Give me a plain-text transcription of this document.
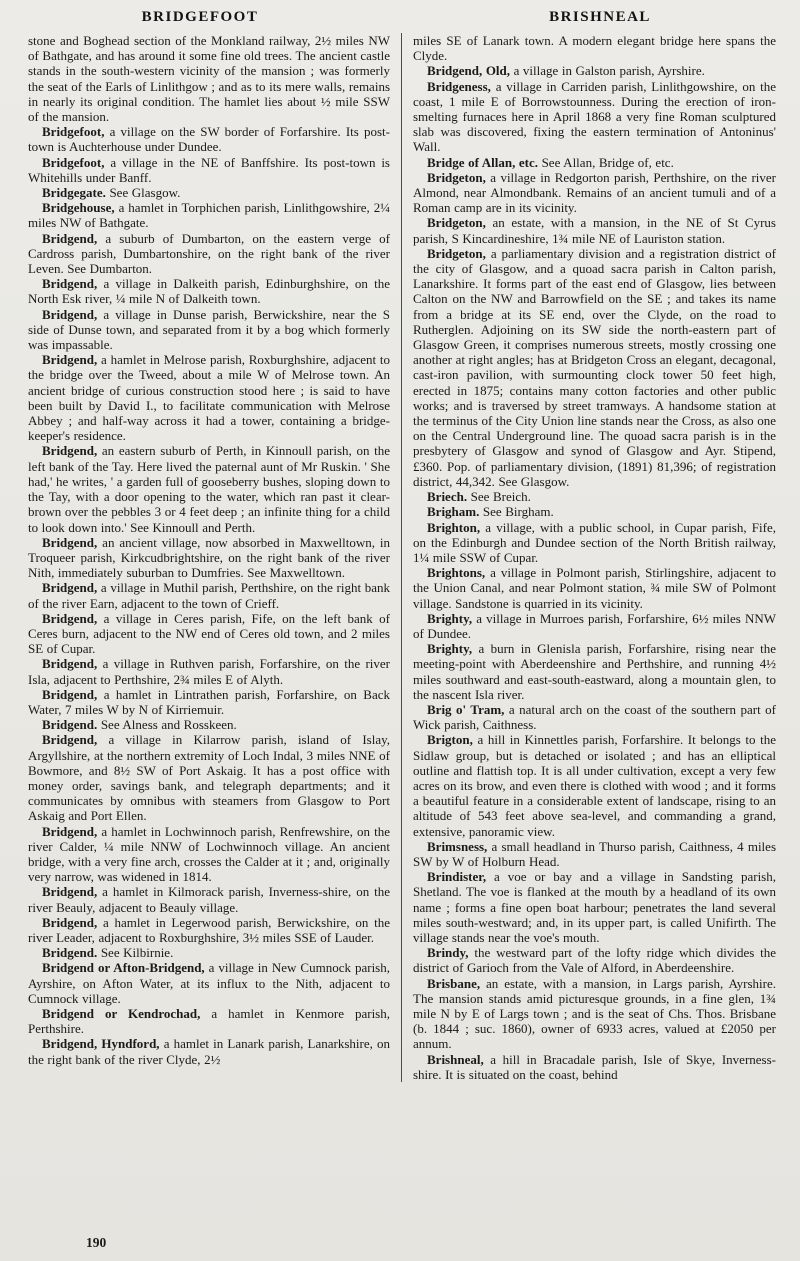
BRIDGEFOOT	BRISHNEAL

stone and Boghead section of the Monkland railway, 2½ miles NW of Bathgate, and has around it some fine old trees. The ancient castle stands in the south-western vicinity of the mansion ; was formerly the seat of the Earls of Linlithgow ; and as to its mere walls, remains in nearly its original condition. The hamlet lies about ½ mile SSW of the mansion.

Bridgefoot, a village on the SW border of Forfarshire. Its post-town is Auchterhouse under Dundee.

Bridgefoot, a village in the NE of Banffshire. Its post-town is Whitehills under Banff.

Bridgegate. See Glasgow.

Bridgehouse, a hamlet in Torphichen parish, Linlithgowshire, 2¼ miles NW of Bathgate.

Bridgend, a suburb of Dumbarton, on the eastern verge of Cardross parish, Dumbartonshire, on the right bank of the river Leven. See Dumbarton.

Bridgend, a village in Dalkeith parish, Edinburghshire, on the North Esk river, ¼ mile N of Dalkeith town.

Bridgend, a village in Dunse parish, Berwickshire, near the S side of Dunse town, and separated from it by a bog which formerly was impassable.

Bridgend, a hamlet in Melrose parish, Roxburghshire, adjacent to the bridge over the Tweed, about a mile W of Melrose town. An ancient bridge of curious construction stood here ; is said to have been built by David I., to facilitate communication with Melrose Abbey ; and half-way across it had a tower, containing a bridge-keeper's residence.

Bridgend, an eastern suburb of Perth, in Kinnoull parish, on the left bank of the Tay. Here lived the paternal aunt of Mr Ruskin. ' She had,' he writes, ' a garden full of gooseberry bushes, sloping down to the Tay, with a door opening to the water, which ran past it clear-brown over the pebbles 3 or 4 feet deep ; an infinite thing for a child to look down into.' See Kinnoull and Perth.

Bridgend, an ancient village, now absorbed in Maxwelltown, in Troqueer parish, Kirkcudbrightshire, on the right bank of the river Nith, immediately suburban to Dumfries. See Maxwelltown.

Bridgend, a village in Muthil parish, Perthshire, on the right bank of the river Earn, adjacent to the town of Crieff.

Bridgend, a village in Ceres parish, Fife, on the left bank of Ceres burn, adjacent to the NW end of Ceres old town, and 2 miles SE of Cupar.

Bridgend, a village in Ruthven parish, Forfarshire, on the river Isla, adjacent to Perthshire, 2¾ miles E of Alyth.

Bridgend, a hamlet in Lintrathen parish, Forfarshire, on Back Water, 7 miles W by N of Kirriemuir.

Bridgend. See Alness and Rosskeen.

Bridgend, a village in Kilarrow parish, island of Islay, Argyllshire, at the northern extremity of Loch Indal, 3 miles NNE of Bowmore, and 8½ SW of Port Askaig. It has a post office with money order, savings bank, and telegraph departments; and it communicates by omnibus with steamers from Glasgow to Port Askaig and Port Ellen.

Bridgend, a hamlet in Lochwinnoch parish, Renfrewshire, on the river Calder, ¼ mile NNW of Lochwinnoch village. An ancient bridge, with a very fine arch, crosses the Calder at it ; and, originally very narrow, was widened in 1814.

Bridgend, a hamlet in Kilmorack parish, Inverness-shire, on the river Beauly, adjacent to Beauly village.

Bridgend, a hamlet in Legerwood parish, Berwickshire, on the river Leader, adjacent to Roxburghshire, 3½ miles SSE of Lauder.

Bridgend. See Kilbirnie.

Bridgend or Afton-Bridgend, a village in New Cumnock parish, Ayrshire, on Afton Water, at its influx to the Nith, adjacent to Cumnock village.

Bridgend or Kendrochad, a hamlet in Kenmore parish, Perthshire.

Bridgend, Hyndford, a hamlet in Lanark parish, Lanarkshire, on the right bank of the river Clyde, 2½

miles SE of Lanark town. A modern elegant bridge here spans the Clyde.

Bridgend, Old, a village in Galston parish, Ayrshire.

Bridgeness, a village in Carriden parish, Linlithgowshire, on the coast, 1 mile E of Borrowstounness. During the erection of iron-smelting furnaces here in April 1868 a very fine Roman sculptured slab was discovered, fixing the eastern termination of Antoninus' Wall.

Bridge of Allan, etc. See Allan, Bridge of, etc.

Bridgeton, a village in Redgorton parish, Perthshire, on the river Almond, near Almondbank. Remains of an ancient tumuli and of a Roman camp are in its vicinity.

Bridgeton, an estate, with a mansion, in the NE of St Cyrus parish, S Kincardineshire, 1¾ mile NE of Lauriston station.

Bridgeton, a parliamentary division and a registration district of the city of Glasgow, and a quoad sacra parish in Calton parish, Lanarkshire. It forms part of the east end of Glasgow, lies between Calton on the NW and Barrowfield on the SE ; and takes its name from a bridge at its SE end, over the Clyde, on the road to Rutherglen. Adjoining on its SW side the north-eastern part of Glasgow Green, it comprises numerous streets, mostly crossing one another at right angles; has at Bridgeton Cross an elegant, decagonal, cast-iron pavilion, with surmounting clock tower 50 feet high, erected in 1875; contains many cotton factories and other public works; and is traversed by street tramways. A handsome station at the terminus of the City Union line stands near the Cross, as also one on the Central Underground line. The quoad sacra parish is in the presbytery of Glasgow and synod of Glasgow and Ayr. Stipend, £360. Pop. of parliamentary division, (1891) 81,396; of registration district, 44,342. See Glasgow.

Briech. See Breich.

Brigham. See Birgham.

Brighton, a village, with a public school, in Cupar parish, Fife, on the Edinburgh and Dundee section of the North British railway, 1¼ mile SSW of Cupar.

Brightons, a village in Polmont parish, Stirlingshire, adjacent to the Union Canal, and near Polmont station, ¾ mile SW of Polmont village. Sandstone is quarried in its vicinity.

Brighty, a village in Murroes parish, Forfarshire, 6½ miles NNW of Dundee.

Brighty, a burn in Glenisla parish, Forfarshire, rising near the meeting-point with Aberdeenshire and Perthshire, and running 4½ miles southward and east-south-eastward, along a mountain glen, to the nascent Isla river.

Brig o' Tram, a natural arch on the coast of the southern part of Wick parish, Caithness.

Brigton, a hill in Kinnettles parish, Forfarshire. It belongs to the Sidlaw group, but is detached or isolated ; and has an elliptical outline and flattish top. It is all under cultivation, except a very few acres on its brow, and even there is clothed with wood ; and it forms a beautiful feature in a considerable extent of landscape, rising to an altitude of 543 feet above sea-level, and commanding a grand, extensive, panoramic view.

Brimsness, a small headland in Thurso parish, Caithness, 4 miles SW by W of Holburn Head.

Brindister, a voe or bay and a village in Sandsting parish, Shetland. The voe is flanked at the mouth by a headland of its own name ; forms a fine open boat harbour; penetrates the land several miles south-westward; and, in its upper part, is called Unifirth. The village stands near the voe's mouth.

Brindy, the westward part of the lofty ridge which divides the district of Garioch from the Vale of Alford, in Aberdeenshire.

Brisbane, an estate, with a mansion, in Largs parish, Ayrshire. The mansion stands amid picturesque grounds, in a fine glen, 1¾ mile N by E of Largs town ; and is the seat of Chs. Thos. Brisbane (b. 1844 ; suc. 1860), owner of 6933 acres, valued at £2050 per annum.

Brishneal, a hill in Bracadale parish, Isle of Skye, Inverness-shire. It is situated on the coast, behind

190
